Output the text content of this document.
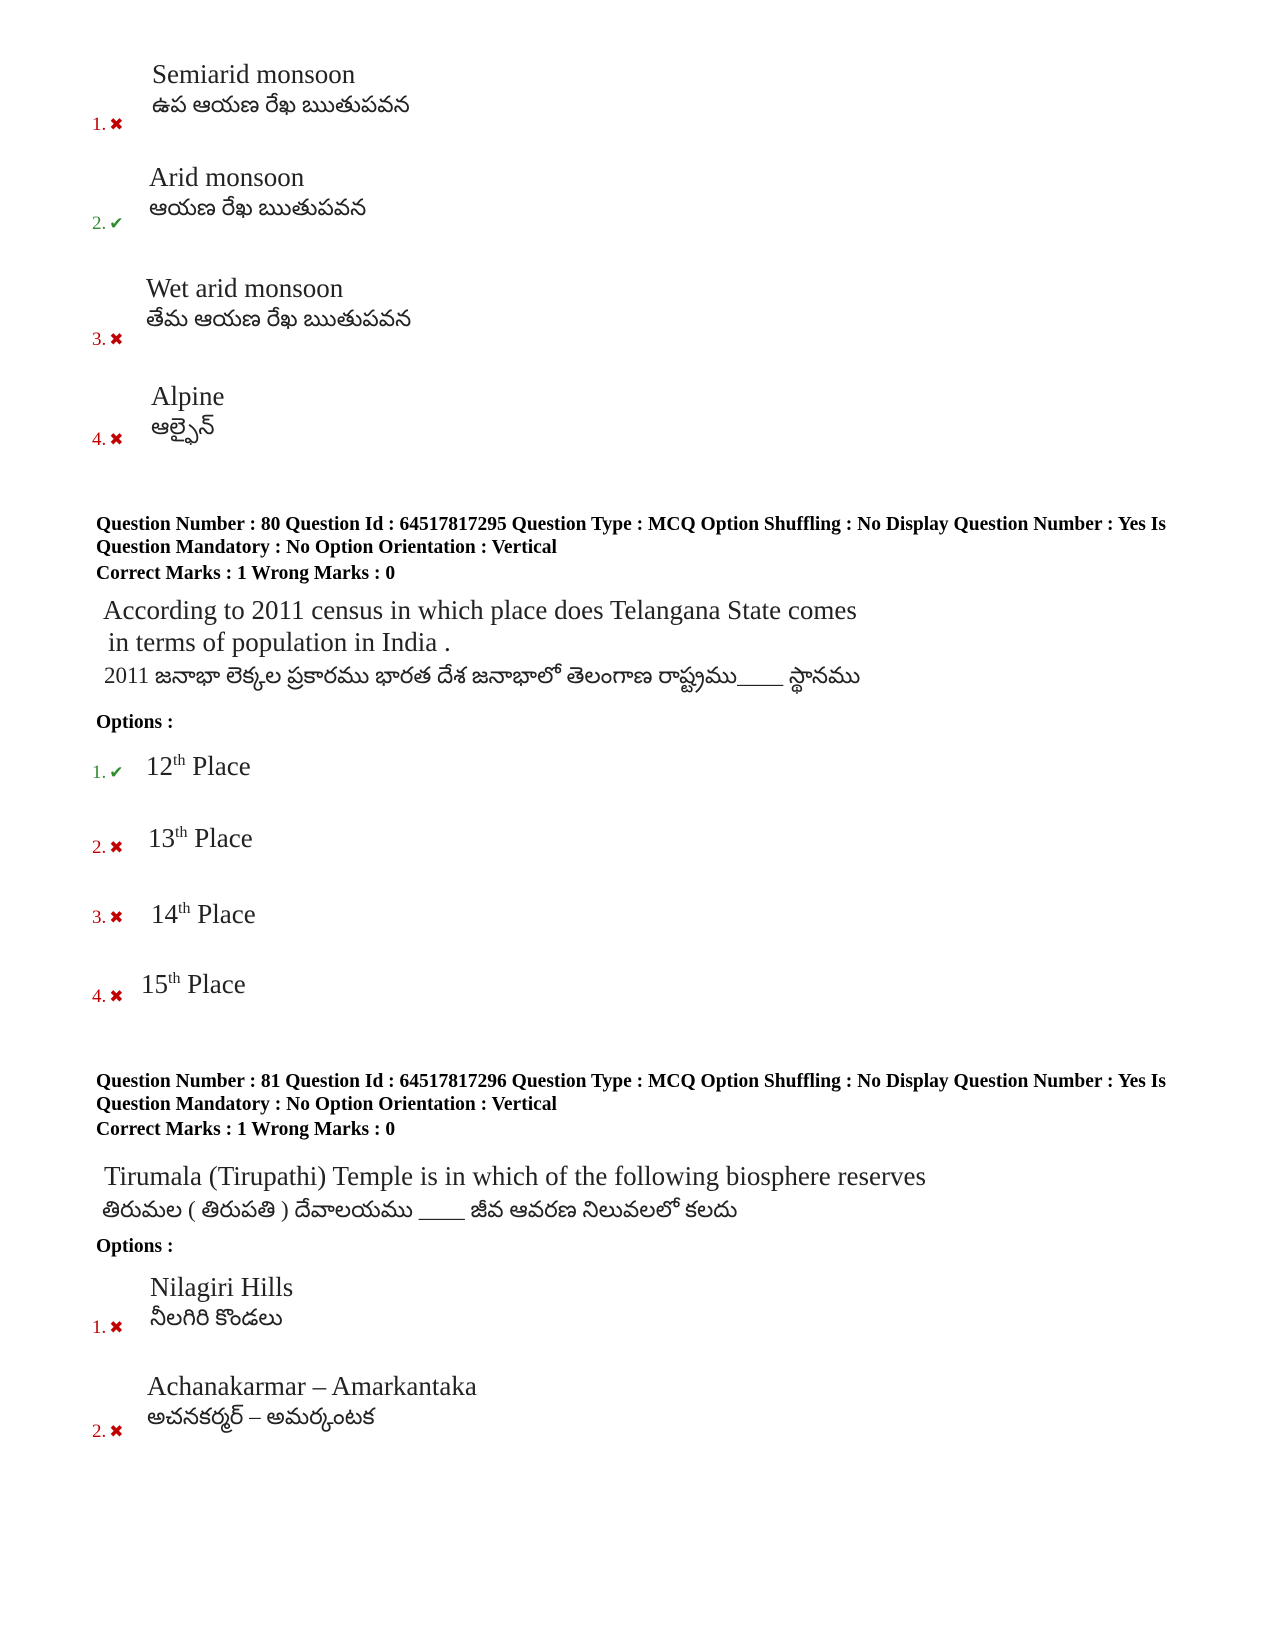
Semiarid monsoon
ఉప ఆయణ రేఖ ఋతుపవన
1. ✖
Arid monsoon
ఆయణ రేఖ ఋతుపవన
2. ✔
Wet arid monsoon
తేమ ఆయణ రేఖ ఋతుపవన
3. ✖
Alpine
ఆల్ఫైన్
4. ✖
Question Number : 80 Question Id : 64517817295 Question Type : MCQ Option Shuffling : No Display Question Number : Yes Is Question Mandatory : No Option Orientation : Vertical
Correct Marks : 1 Wrong Marks : 0
According to 2011 census in which place does Telangana State comes
in terms of population in India .
2011 జనాభా లెక్కల ప్రకారము భారత దేశ జనాభాలో తెలంగాణ రాష్ట్రము____ స్థానము
Options :
12th Place
1. ✔
13th Place
2. ✖
14th Place
3. ✖
15th Place
4. ✖
Question Number : 81 Question Id : 64517817296 Question Type : MCQ Option Shuffling : No Display Question Number : Yes Is Question Mandatory : No Option Orientation : Vertical
Correct Marks : 1 Wrong Marks : 0
Tirumala (Tirupathi) Temple is in which of the following biosphere reserves
తిరుమల ( తిరుపతి ) దేవాలయము ____ జీవ ఆవరణ నిలువలలో కలదు
Options :
Nilagiri Hills
నీలగిరి కొండలు
1. ✖
Achanakarmar – Amarkantaka
అచనకర్మర్ – అమర్కంటక
2. ✖
